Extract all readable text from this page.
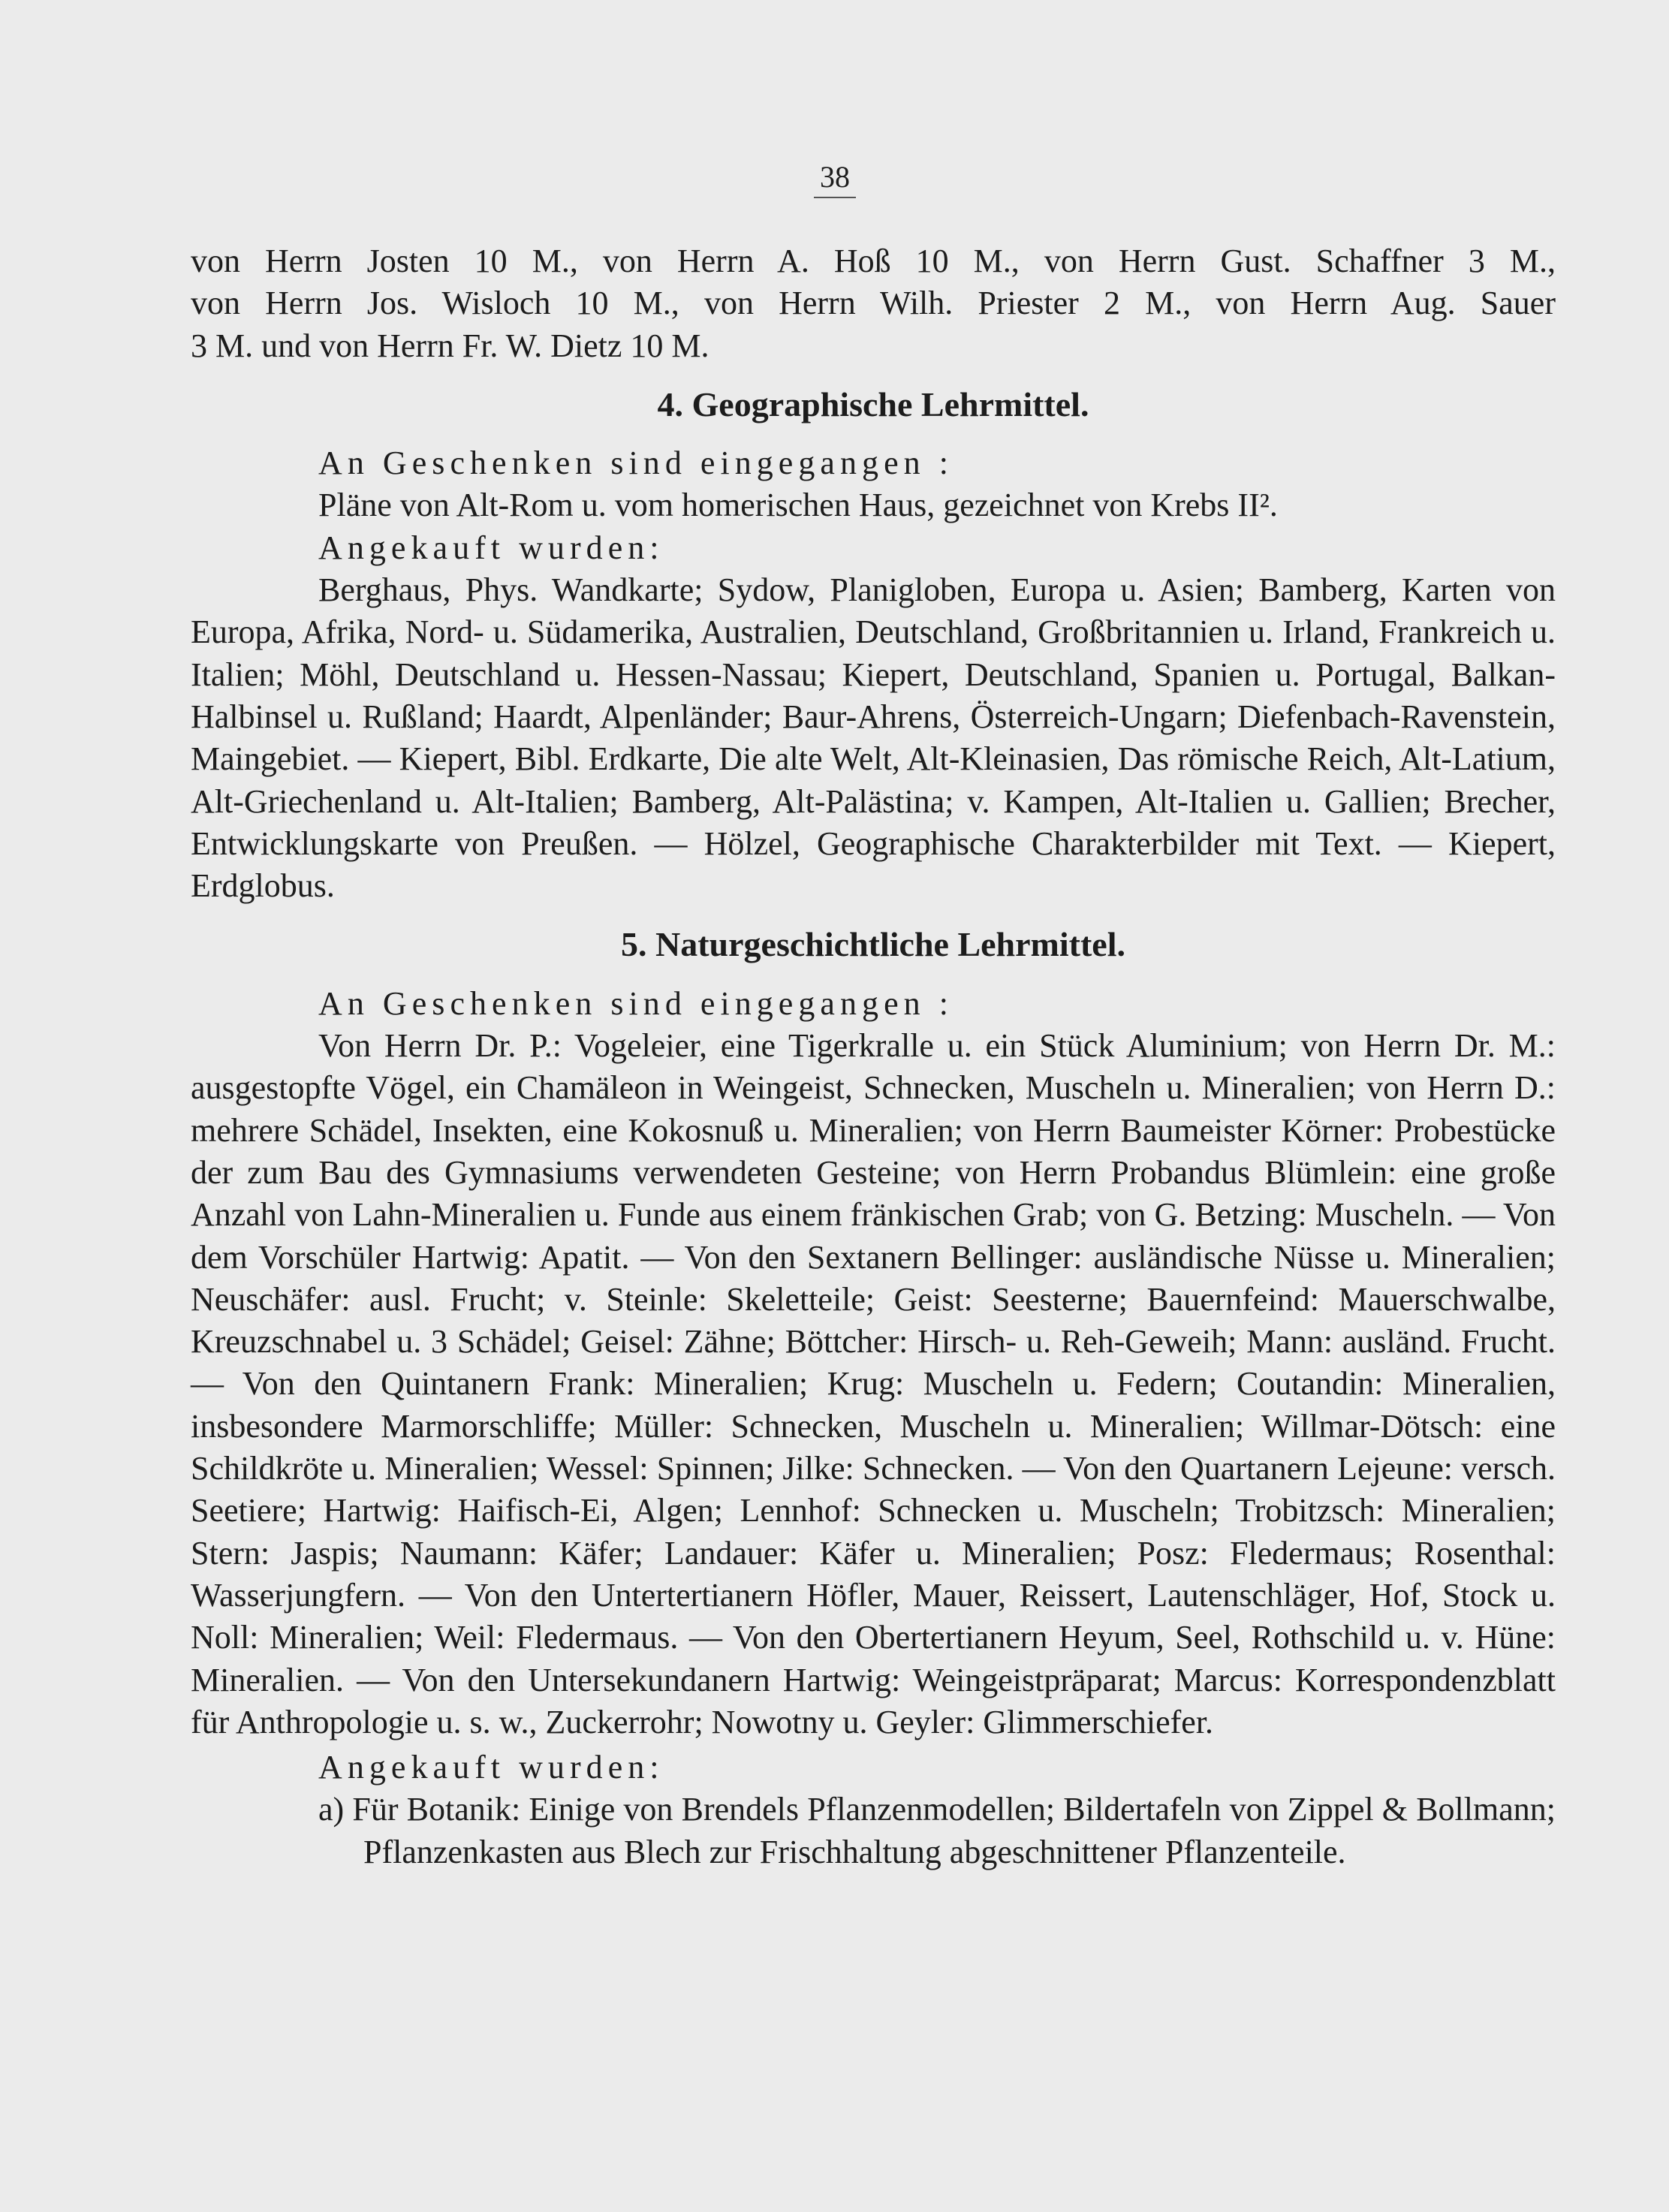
38

von Herrn Josten 10 M., von Herrn A. Hoß 10 M., von Herrn Gust. Schaffner 3 M.,

von Herrn Jos. Wisloch 10 M., von Herrn Wilh. Priester 2 M., von Herrn Aug. Sauer

3 M. und von Herrn Fr. W. Dietz 10 M.

4. Geographische Lehrmittel.

An Geschenken sind eingegangen :

Pläne von Alt-Rom u. vom homerischen Haus, gezeichnet von Krebs II².

Angekauft wurden:

Berghaus, Phys. Wandkarte; Sydow, Planigloben, Europa u. Asien; Bamberg, Karten von Europa, Afrika, Nord- u. Südamerika, Australien, Deutschland, Großbritannien u. Irland, Frankreich u. Italien; Möhl, Deutschland u. Hessen-Nassau; Kiepert, Deutschland, Spanien u. Portugal, Balkan-Halbinsel u. Rußland; Haardt, Alpenländer; Baur-Ahrens, Österreich-Ungarn; Diefenbach-Ravenstein, Maingebiet. — Kiepert, Bibl. Erdkarte, Die alte Welt, Alt-Kleinasien, Das römische Reich, Alt-Latium, Alt-Griechenland u. Alt-Italien; Bamberg, Alt-Palästina; v. Kampen, Alt-Italien u. Gallien; Brecher, Entwicklungskarte von Preußen. — Hölzel, Geographische Charakterbilder mit Text. — Kiepert, Erdglobus.

5. Naturgeschichtliche Lehrmittel.

An Geschenken sind eingegangen :

Von Herrn Dr. P.: Vogeleier, eine Tigerkralle u. ein Stück Aluminium; von Herrn Dr. M.: ausgestopfte Vögel, ein Chamäleon in Weingeist, Schnecken, Muscheln u. Mineralien; von Herrn D.: mehrere Schädel, Insekten, eine Kokosnuß u. Mineralien; von Herrn Baumeister Körner: Probestücke der zum Bau des Gymnasiums verwendeten Gesteine; von Herrn Probandus Blümlein: eine große Anzahl von Lahn-Mineralien u. Funde aus einem fränkischen Grab; von G. Betzing: Muscheln. — Von dem Vorschüler Hartwig: Apatit. — Von den Sextanern Bellinger: ausländische Nüsse u. Mineralien; Neuschäfer: ausl. Frucht; v. Steinle: Skeletteile; Geist: Seesterne; Bauernfeind: Mauerschwalbe, Kreuzschnabel u. 3 Schädel; Geisel: Zähne; Böttcher: Hirsch- u. Reh-Geweih; Mann: ausländ. Frucht. — Von den Quintanern Frank: Mineralien; Krug: Muscheln u. Federn; Coutandin: Mineralien, insbesondere Marmorschliffe; Müller: Schnecken, Muscheln u. Mineralien; Willmar-Dötsch: eine Schildkröte u. Mineralien; Wessel: Spinnen; Jilke: Schnecken. — Von den Quartanern Lejeune: versch. Seetiere; Hartwig: Haifisch-Ei, Algen; Lennhof: Schnecken u. Muscheln; Trobitzsch: Mineralien; Stern: Jaspis; Naumann: Käfer; Landauer: Käfer u. Mineralien; Posz: Fledermaus; Rosenthal: Wasserjungfern. — Von den Untertertianern Höfler, Mauer, Reissert, Lautenschläger, Hof, Stock u. Noll: Mineralien; Weil: Fledermaus. — Von den Obertertianern Heyum, Seel, Rothschild u. v. Hüne: Mineralien. — Von den Untersekundanern Hartwig: Weingeistpräparat; Marcus: Korrespondenzblatt für Anthropologie u. s. w., Zuckerrohr; Nowotny u. Geyler: Glimmerschiefer.

Angekauft wurden:

a) Für Botanik: Einige von Brendels Pflanzenmodellen; Bildertafeln von Zippel & Bollmann; Pflanzenkasten aus Blech zur Frischhaltung abgeschnittener Pflanzenteile.
